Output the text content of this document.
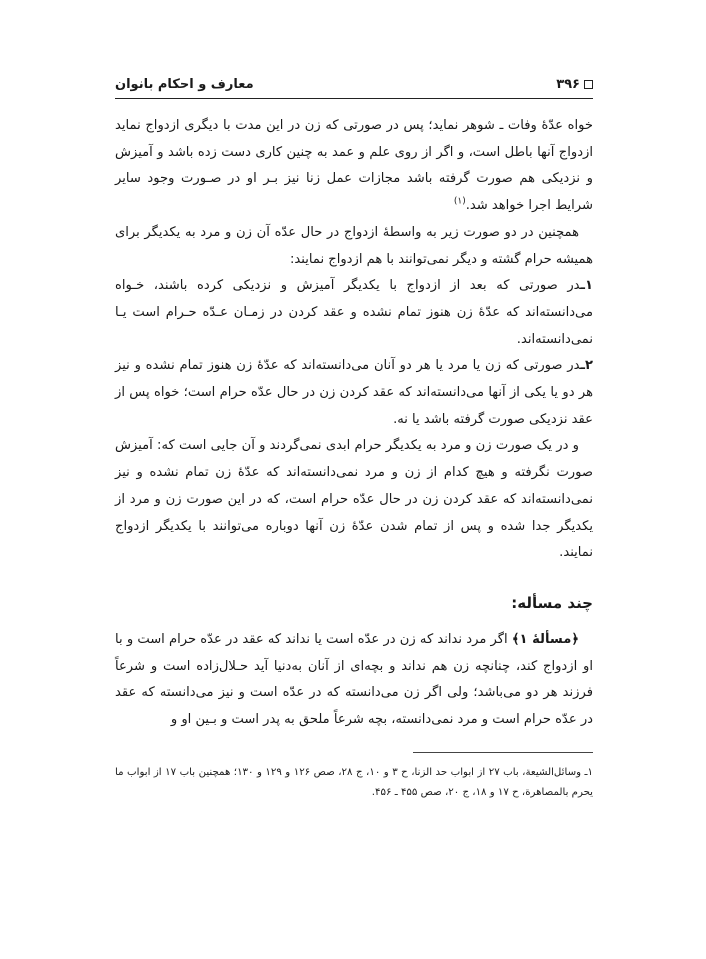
۳۹۶
معارف و احکام بانوان

خواه عدّهٔ وفات ـ شوهر نماید؛ پس در صورتی که زن در این مدت با دیگری ازدواج نماید ازدواج آنها باطل است، و اگر از روی علم و عمد به چنین کاری دست زده باشد و آمیزش و نزدیکی هم صورت گرفته باشد مجازات عمل زنا نیز بـر او در صـورت وجود سایر شرایط اجرا خواهد شد.$^{(۱)}$

همچنین در دو صورت زیر به واسطهٔ ازدواج در حال عدّه آن زن و مرد به یکدیگر برای همیشه حرام گشته و دیگر نمی‌توانند با هم ازدواج نمایند:

۱ـدر صورتی که بعد از ازدواج با یکدیگر آمیزش و نزدیکی کرده باشند، خـواه می‌دانسته‌اند که عدّهٔ زن هنوز تمام نشده و عقد کردن در زمـان عـدّه حـرام است یـا نمی‌دانسته‌اند.

۲ـدر صورتی که زن یا مرد یا هر دو آنان می‌دانسته‌اند که عدّهٔ زن هنوز تمام نشده و نیز هر دو یا یکی از آنها می‌دانسته‌اند که عقد کردن زن در حال عدّه حرام است؛ خواه پس از عقد نزدیکی صورت گرفته باشد یا نه.

و در یک صورت زن و مرد به یکدیگر حرام ابدی نمی‌گردند و آن جایی است که: آمیزش صورت نگرفته و هیچ کدام از زن و مرد نمی‌دانسته‌اند که عدّهٔ زن تمام نشده و نیز نمی‌دانسته‌اند که عقد کردن زن در حال عدّه حرام است، که در این صورت زن و مرد از یکدیگر جدا شده و پس از تمام شدن عدّهٔ زن آنها دوباره می‌توانند با یکدیگر ازدواج نمایند.

چند مسأله:

﴿مسألهٔ ۱﴾ اگر مرد نداند که زن در عدّه است یا نداند که عقد در عدّه حرام است و با او ازدواج کند، چنانچه زن هم نداند و بچه‌ای از آنان به‌دنیا آید حـلال‌زاده است و شرعاً فرزند هر دو می‌باشد؛ ولی اگر زن می‌دانسته که در عدّه است و نیز می‌دانسته که عقد در عدّه حرام است و مرد نمی‌دانسته، بچه شرعاً ملحق به پدر است و بـین او و

۱ـ وسائل‌الشیعة، باب ۲۷ از ابواب حد الزنا، ح ۳ و ۱۰، ج ۲۸، صص ۱۲۶ و ۱۲۹ و ۱۳۰؛ همچنین باب ۱۷ از ابواب ما یحرم بالمصاهرة، ح ۱۷ و ۱۸، ج ۲۰، صص ۴۵۵ ـ ۴۵۶.
